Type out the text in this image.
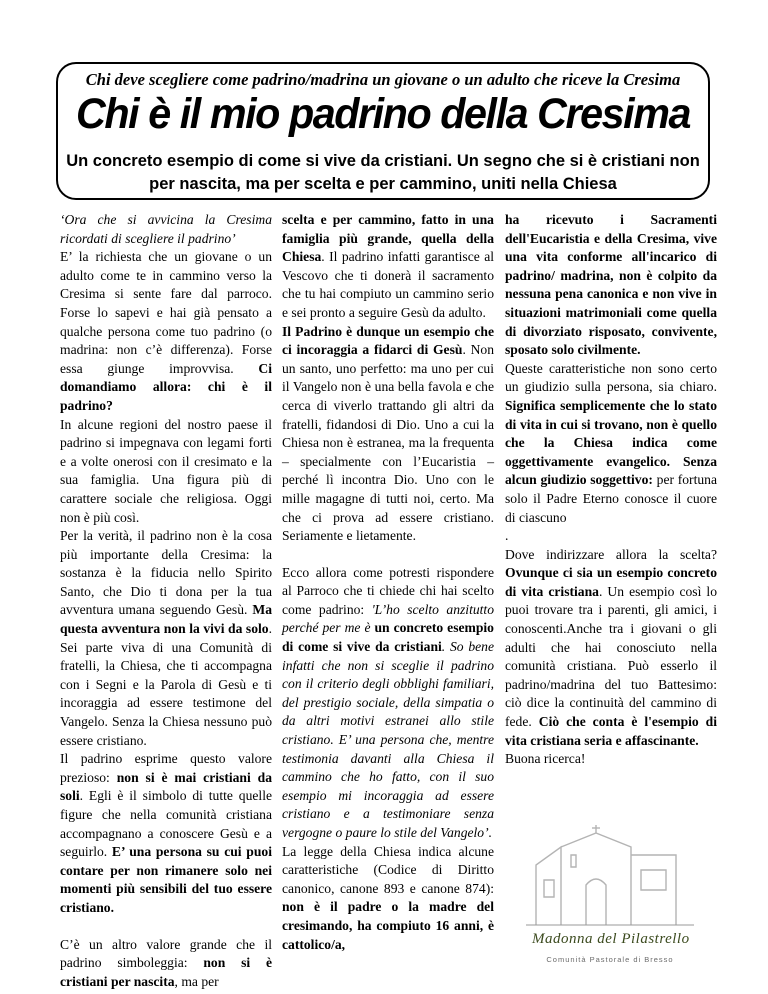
Chi deve scegliere come padrino/madrina un giovane o un adulto che riceve la Cresima
Chi è il mio padrino della Cresima
Un concreto esempio di come si vive da cristiani. Un segno che si è cristiani non per nascita, ma per scelta e per cammino, uniti nella Chiesa

‘Ora che si avvicina la Cresima ricordati di scegliere il padrino’

E’ la richiesta che un giovane o un adulto come te in cammino verso la Cresima si sente fare dal parroco. Forse lo sapevi e hai già pensato a qualche persona come tuo padrino (o madrina: non c’è differenza). Forse essa giunge improvvisa. Ci domandiamo allora: chi è il padrino?

In alcune regioni del nostro paese il padrino si impegnava con legami forti e a volte onerosi con il cresimato e la sua famiglia. Una figura più di carattere sociale che religiosa. Oggi non è più così.

Per la verità, il padrino non è la cosa più importante della Cresima: la sostanza è la fiducia nello Spirito Santo, che Dio ti dona per la tua avventura umana seguendo Gesù. Ma questa avventura non la vivi da solo. Sei parte viva di una Comunità di fratelli, la Chiesa, che ti accompagna con i Segni e la Parola di Gesù e ti incoraggia ad essere testimone del Vangelo. Senza la Chiesa nessuno può essere cristiano.

Il padrino esprime questo valore prezioso: non si è mai cristiani da soli. Egli è il simbolo di tutte quelle figure che nella comunità cristiana accompagnano a conoscere Gesù e a seguirlo. E’ una persona su cui puoi contare per non rimanere solo nei momenti più sensibili del tuo essere cristiano.

C’è un altro valore grande che il padrino simboleggia: non si è cristiani per nascita, ma per

scelta e per cammino, fatto in una famiglia più grande, quella della Chiesa. Il padrino infatti garantisce al Vescovo che ti donerà il sacramento che tu hai compiuto un cammino serio e sei pronto a seguire Gesù da adulto.

Il Padrino è dunque un esempio che ci incoraggia a fidarci di Gesù. Non un santo, uno perfetto: ma uno per cui il Vangelo non è una bella favola e che cerca di viverlo trattando gli altri da fratelli, fidandosi di Dio. Uno a cui la Chiesa non è estranea, ma la frequenta – specialmente con l’Eucaristia – perché lì incontra Dio. Uno con le mille magagne di tutti noi, certo. Ma che ci prova ad essere cristiano. Seriamente e lietamente.

Ecco allora come potresti rispondere al Parroco che ti chiede chi hai scelto come padrino: 'L’ho scelto anzitutto perché per me è un concreto esempio di come si vive da cristiani. So bene infatti che non si sceglie il padrino con il criterio degli obblighi familiari, del prestigio sociale, della simpatia o da altri motivi estranei allo stile cristiano. E’ una persona che, mentre testimonia davanti alla Chiesa il cammino che ho fatto, con il suo esempio mi incoraggia ad essere cristiano e a testimoniare senza vergogne o paure lo stile del Vangelo’.

La legge della Chiesa indica alcune caratteristiche (Codice di Diritto canonico, canone 893 e canone 874): non è il padre o la madre del cresimando, ha compiuto 16 anni, è cattolico/a,

ha ricevuto i Sacramenti dell'Eucaristia e della Cresima, vive una vita conforme all'incarico di padrino/ madrina, non è colpito da nessuna pena canonica e non vive in situazioni matrimoniali come quella di divorziato risposato, convivente, sposato solo civilmente.

Queste caratteristiche non sono certo un giudizio sulla persona, sia chiaro. Significa semplicemente che lo stato di vita in cui si trovano, non è quello che la Chiesa indica come oggettivamente evangelico. Senza alcun giudizio soggettivo: per fortuna solo il Padre Eterno conosce il cuore di ciascuno

.

Dove indirizzare allora la scelta? Ovunque ci sia un esempio concreto di vita cristiana. Un esempio così lo puoi trovare tra i parenti, gli amici, i conoscenti.Anche tra i giovani o gli adulti che hai conosciuto nella comunità cristiana. Può esserlo il padrino/madrina del tuo Battesimo: ciò dice la continuità del cammino di fede. Ciò che conta è l'esempio di vita cristiana seria e affascinante.

Buona ricerca!

Madonna del Pilastrello
Comunità Pastorale di Bresso
